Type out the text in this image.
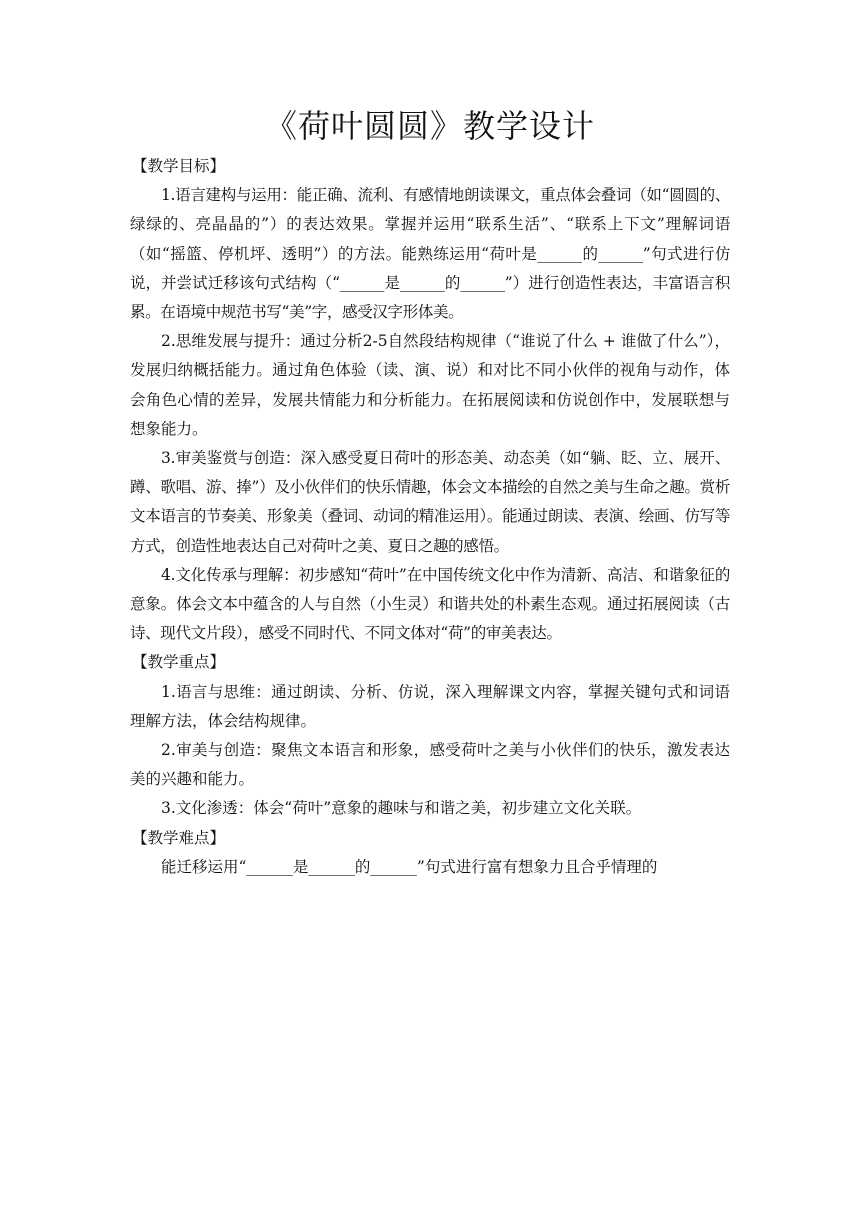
《荷叶圆圆》教学设计
【教学目标】

1.语言建构与运用：能正确、流利、有感情地朗读课文，重点体会叠词（如“圆圆的、绿绿的、亮晶晶的”）的表达效果。掌握并运用“联系生活”、“联系上下文”理解词语（如“摇篮、停机坪、透明”）的方法。能熟练运用“荷叶是______的______”句式进行仿说，并尝试迁移该句式结构（“______是______的______”）进行创造性表达，丰富语言积累。在语境中规范书写“美”字，感受汉字形体美。

2.思维发展与提升：通过分析2-5自然段结构规律（“谁说了什么 + 谁做了什么”），发展归纳概括能力。通过角色体验（读、演、说）和对比不同小伙伴的视角与动作，体会角色心情的差异，发展共情能力和分析能力。在拓展阅读和仿说创作中，发展联想与想象能力。

3.审美鉴赏与创造：深入感受夏日荷叶的形态美、动态美（如“躺、眨、立、展开、蹲、歌唱、游、捧”）及小伙伴们的快乐情趣，体会文本描绘的自然之美与生命之趣。赏析文本语言的节奏美、形象美（叠词、动词的精准运用）。能通过朗读、表演、绘画、仿写等方式，创造性地表达自己对荷叶之美、夏日之趣的感悟。

4.文化传承与理解：初步感知“荷叶”在中国传统文化中作为清新、高洁、和谐象征的意象。体会文本中蕴含的人与自然（小生灵）和谐共处的朴素生态观。通过拓展阅读（古诗、现代文片段），感受不同时代、不同文体对“荷”的审美表达。

【教学重点】

1.语言与思维：通过朗读、分析、仿说，深入理解课文内容，掌握关键句式和词语理解方法，体会结构规律。

2.审美与创造：聚焦文本语言和形象，感受荷叶之美与小伙伴们的快乐，激发表达美的兴趣和能力。

3.文化渗透：体会“荷叶”意象的趣味与和谐之美，初步建立文化关联。

【教学难点】

能迁移运用“______是______的______”句式进行富有想象力且合乎情理的
